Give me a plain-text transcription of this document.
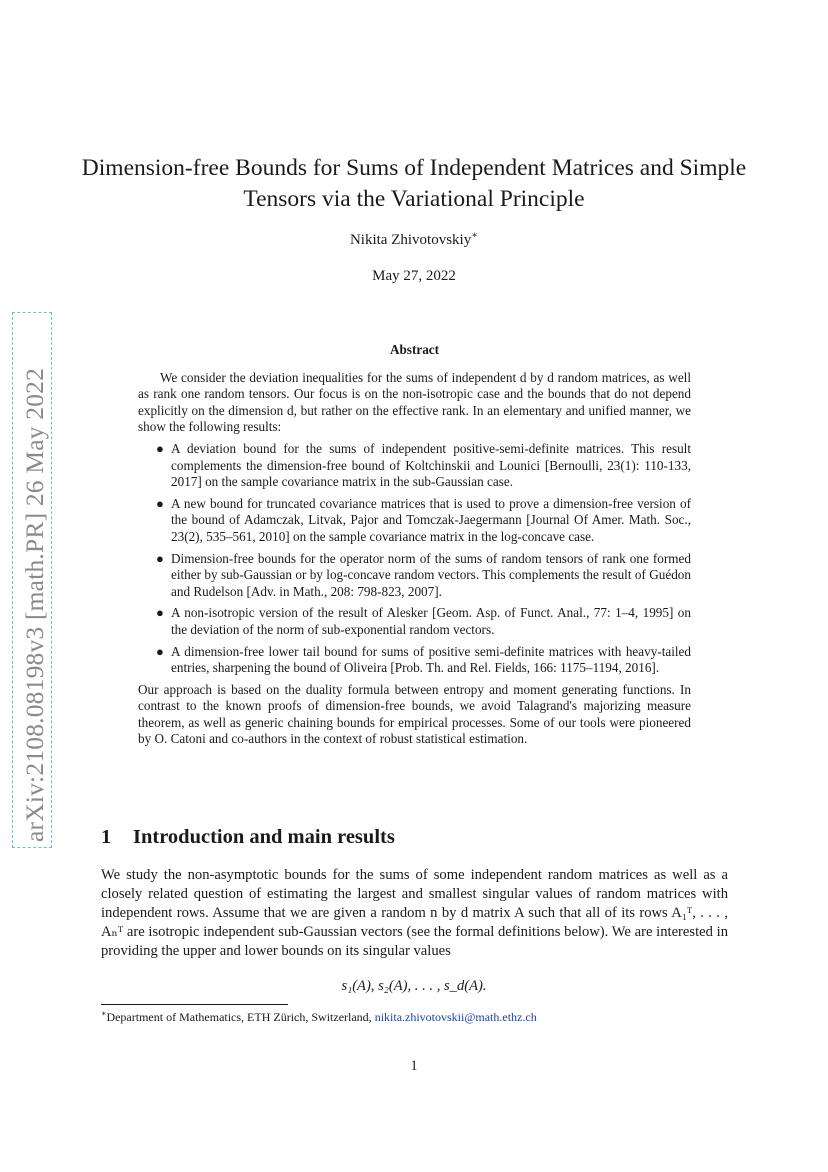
arXiv:2108.08198v3 [math.PR] 26 May 2022
Dimension-free Bounds for Sums of Independent Matrices and Simple Tensors via the Variational Principle
Nikita Zhivotovskiy∗
May 27, 2022
Abstract

We consider the deviation inequalities for the sums of independent d by d random matrices, as well as rank one random tensors. Our focus is on the non-isotropic case and the bounds that do not depend explicitly on the dimension d, but rather on the effective rank. In an elementary and unified manner, we show the following results:

● A deviation bound for the sums of independent positive-semi-definite matrices. This result complements the dimension-free bound of Koltchinskii and Lounici [Bernoulli, 23(1): 110-133, 2017] on the sample covariance matrix in the sub-Gaussian case.
● A new bound for truncated covariance matrices that is used to prove a dimension-free version of the bound of Adamczak, Litvak, Pajor and Tomczak-Jaegermann [Journal Of Amer. Math. Soc., 23(2), 535–561, 2010] on the sample covariance matrix in the log-concave case.
● Dimension-free bounds for the operator norm of the sums of random tensors of rank one formed either by sub-Gaussian or by log-concave random vectors. This complements the result of Guédon and Rudelson [Adv. in Math., 208: 798-823, 2007].
● A non-isotropic version of the result of Alesker [Geom. Asp. of Funct. Anal., 77: 1–4, 1995] on the deviation of the norm of sub-exponential random vectors.
● A dimension-free lower tail bound for sums of positive semi-definite matrices with heavy-tailed entries, sharpening the bound of Oliveira [Prob. Th. and Rel. Fields, 166: 1175–1194, 2016].

Our approach is based on the duality formula between entropy and moment generating functions. In contrast to the known proofs of dimension-free bounds, we avoid Talagrand's majorizing measure theorem, as well as generic chaining bounds for empirical processes. Some of our tools were pioneered by O. Catoni and co-authors in the context of robust statistical estimation.

1 Introduction and main results

We study the non-asymptotic bounds for the sums of some independent random matrices as well as a closely related question of estimating the largest and smallest singular values of random matrices with independent rows. Assume that we are given a random n by d matrix A such that all of its rows A₁ᵀ, . . . , Aₙᵀ are isotropic independent sub-Gaussian vectors (see the formal definitions below). We are interested in providing the upper and lower bounds on its singular values

s₁(A), s₂(A), . . . , s_d(A).
∗Department of Mathematics, ETH Zürich, Switzerland, nikita.zhivotovskii@math.ethz.ch
1
